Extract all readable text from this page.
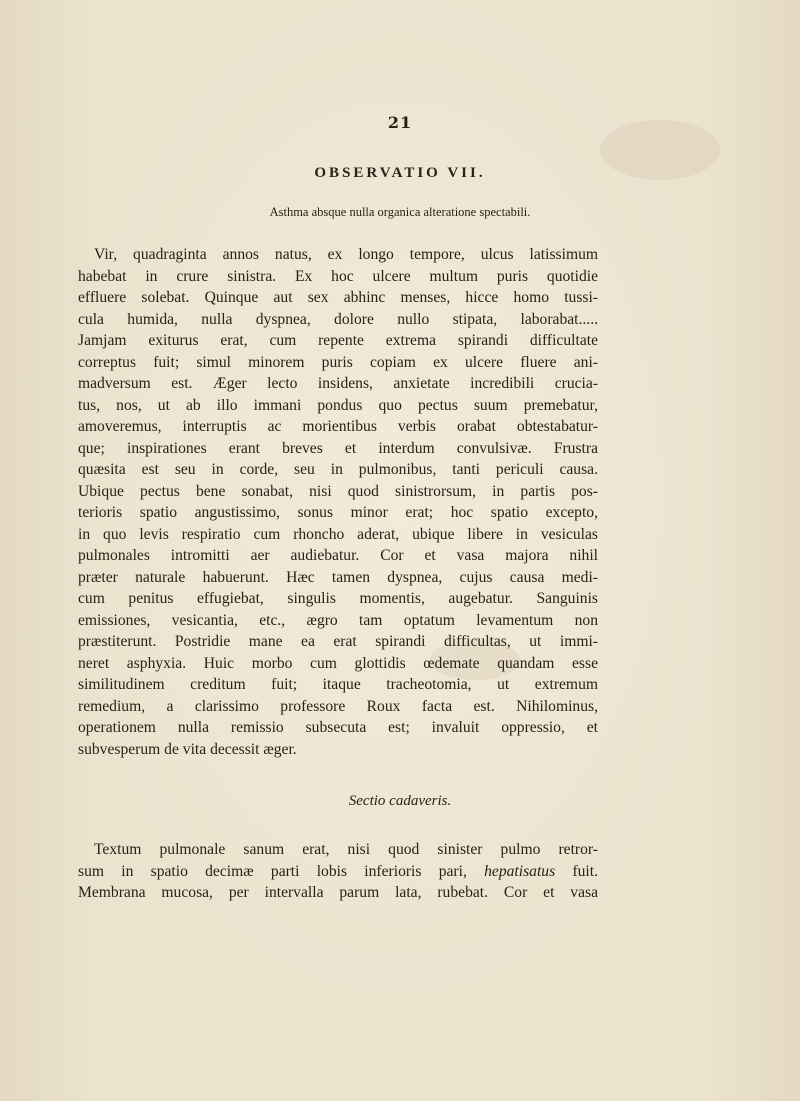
21
OBSERVATIO VII.
Asthma absque nulla organica alteratione spectabili.
Vir, quadraginta annos natus, ex longo tempore, ulcus latissimum
habebat in crure sinistra. Ex hoc ulcere multum puris quotidie
effluere solebat. Quinque aut sex abhinc menses, hicce homo tussi-
cula humida, nulla dyspnea, dolore nullo stipata, laborabat.....
Jamjam exiturus erat, cum repente extrema spirandi difficultate
correptus fuit; simul minorem puris copiam ex ulcere fluere ani-
madversum est. Æger lecto insidens, anxietate incredibili crucia-
tus, nos, ut ab illo immani pondus quo pectus suum premebatur,
amoveremus, interruptis ac morientibus verbis orabat obtestabatur-
que; inspirationes erant breves et interdum convulsivæ. Frustra
quæsita est seu in corde, seu in pulmonibus, tanti periculi causa.
Ubique pectus bene sonabat, nisi quod sinistrorsum, in partis pos-
terioris spatio angustissimo, sonus minor erat; hoc spatio excepto,
in quo levis respiratio cum rhoncho aderat, ubique libere in vesiculas
pulmonales intromitti aer audiebatur. Cor et vasa majora nihil
præter naturale habuerunt. Hæc tamen dyspnea, cujus causa medi-
cum penitus effugiebat, singulis momentis, augebatur. Sanguinis
emissiones, vesicantia, etc., ægro tam optatum levamentum non
præstiterunt. Postridie mane ea erat spirandi difficultas, ut immi-
neret asphyxia. Huic morbo cum glottidis œdemate quandam esse
similitudinem creditum fuit; itaque tracheotomia, ut extremum
remedium, a clarissimo professore Roux facta est. Nihilominus,
operationem nulla remissio subsecuta est; invaluit oppressio, et
subvesperum de vita decessit æger.
Sectio cadaveris.
Textum pulmonale sanum erat, nisi quod sinister pulmo retror-
sum in spatio decimæ parti lobis inferioris pari, hepatisatus fuit.
Membrana mucosa, per intervalla parum lata, rubebat. Cor et vasa
